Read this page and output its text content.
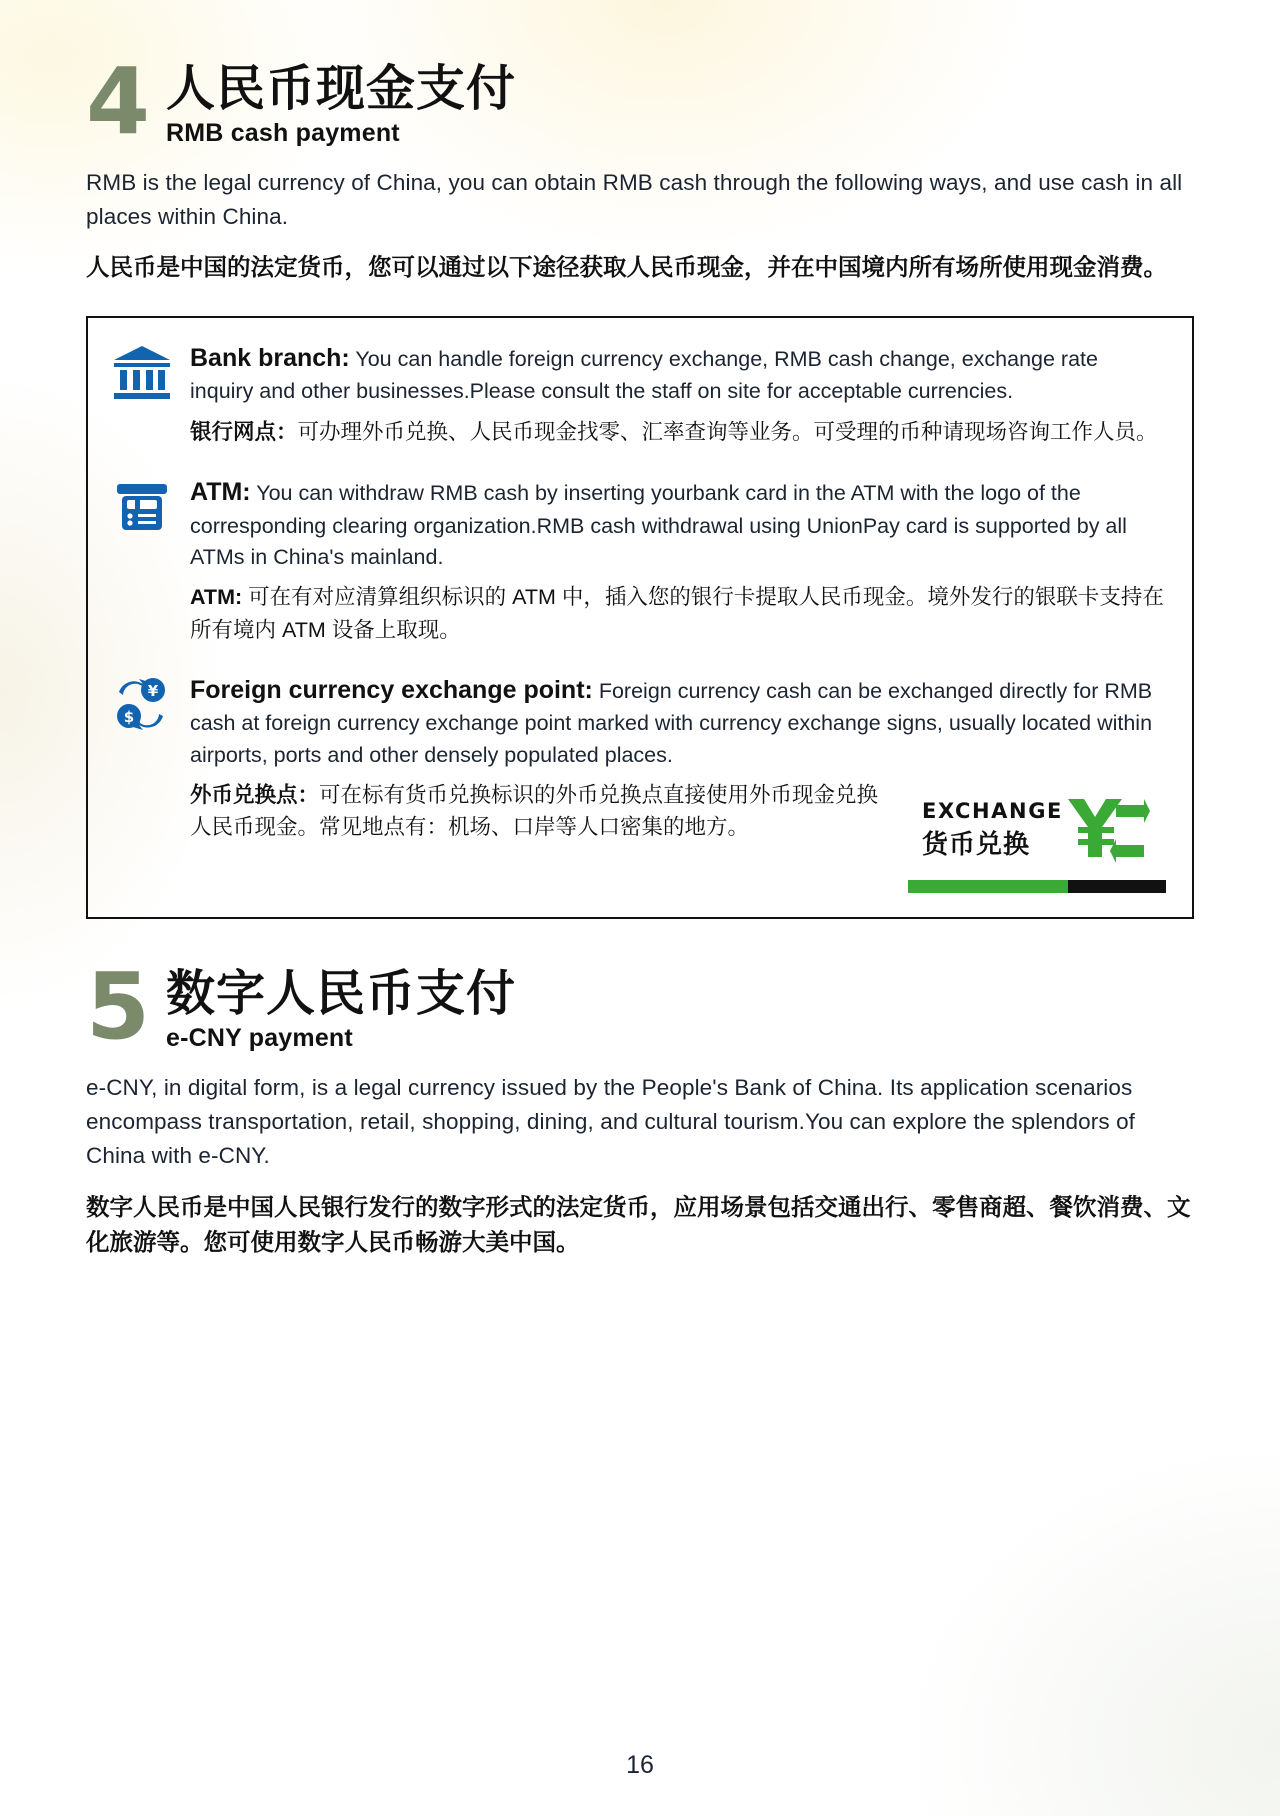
4 人民币现金支付
RMB cash payment
RMB is the legal currency of China, you can obtain RMB cash through the following ways, and use cash in all places within China.
人民币是中国的法定货币，您可以通过以下途径获取人民币现金，并在中国境内所有场所使用现金消费。
Bank branch: You can handle foreign currency exchange, RMB cash change, exchange rate inquiry and other businesses.Please consult the staff on site for acceptable currencies.
银行网点：可办理外币兑换、人民币现金找零、汇率查询等业务。可受理的币种请现场咨询工作人员。
ATM: You can withdraw RMB cash by inserting yourbank card in the ATM with the logo of the corresponding clearing organization.RMB cash withdrawal using UnionPay card is supported by all ATMs in China's mainland.
ATM: 可在有对应清算组织标识的 ATM 中，插入您的银行卡提取人民币现金。境外发行的银联卡支持在所有境内 ATM 设备上取现。
¥
$
Foreign currency exchange point: Foreign currency cash can be exchanged directly for RMB cash at foreign currency exchange point marked with currency exchange signs, usually located within airports, ports and other densely populated places.
外币兑换点：可在标有货币兑换标识的外币兑换点直接使用外币现金兑换人民币现金。常见地点有：机场、口岸等人口密集的地方。
EXCHANGE
货币兑换
5 数字人民币支付
e-CNY payment
e-CNY, in digital form, is a legal currency issued by the People's Bank of China. Its application scenarios encompass transportation, retail, shopping, dining, and cultural tourism.You can explore the splendors of China with e-CNY.
数字人民币是中国人民银行发行的数字形式的法定货币，应用场景包括交通出行、零售商超、餐饮消费、文化旅游等。您可使用数字人民币畅游大美中国。
16
